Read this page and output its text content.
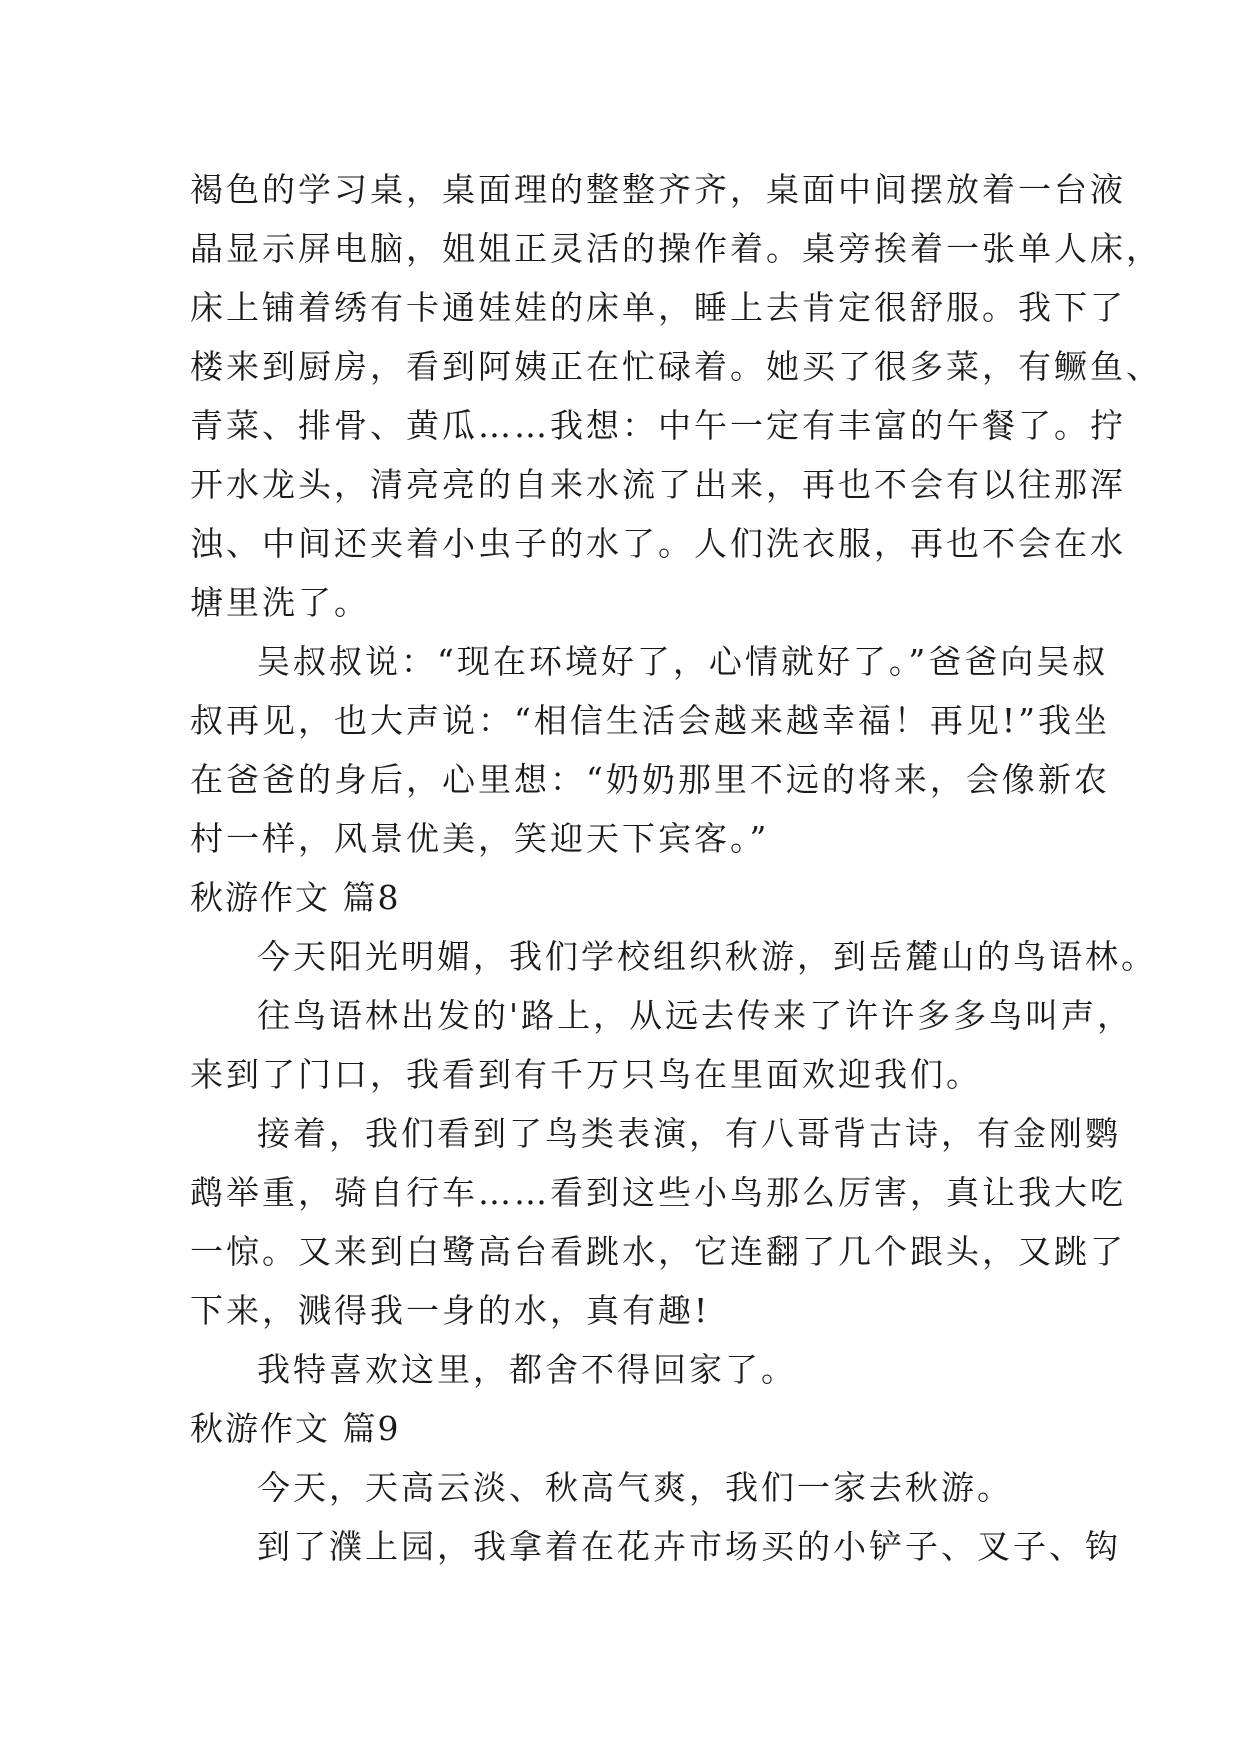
褐色的学习桌，桌面理的整整齐齐，桌面中间摆放着一台液
晶显示屏电脑，姐姐正灵活的操作着。桌旁挨着一张单人床，
床上铺着绣有卡通娃娃的床单，睡上去肯定很舒服。我下了
楼来到厨房，看到阿姨正在忙碌着。她买了很多菜，有鳜鱼、
青菜、排骨、黄瓜……我想：中午一定有丰富的午餐了。拧
开水龙头，清亮亮的自来水流了出来，再也不会有以往那浑
浊、中间还夹着小虫子的水了。人们洗衣服，再也不会在水
塘里洗了。
吴叔叔说：“现在环境好了，心情就好了。”爸爸向吴叔
叔再见，也大声说：“相信生活会越来越幸福！再见!”我坐
在爸爸的身后，心里想：“奶奶那里不远的将来，会像新农
村一样，风景优美，笑迎天下宾客。”
秋游作文 篇8
今天阳光明媚，我们学校组织秋游，到岳麓山的鸟语林。
往鸟语林出发的'路上，从远去传来了许许多多鸟叫声，
来到了门口，我看到有千万只鸟在里面欢迎我们。
接着，我们看到了鸟类表演，有八哥背古诗，有金刚鹦
鹉举重，骑自行车……看到这些小鸟那么厉害，真让我大吃
一惊。又来到白鹭高台看跳水，它连翻了几个跟头，又跳了
下来，溅得我一身的水，真有趣!
我特喜欢这里，都舍不得回家了。
秋游作文 篇9
今天，天高云淡、秋高气爽，我们一家去秋游。
到了濮上园，我拿着在花卉市场买的小铲子、叉子、钩
